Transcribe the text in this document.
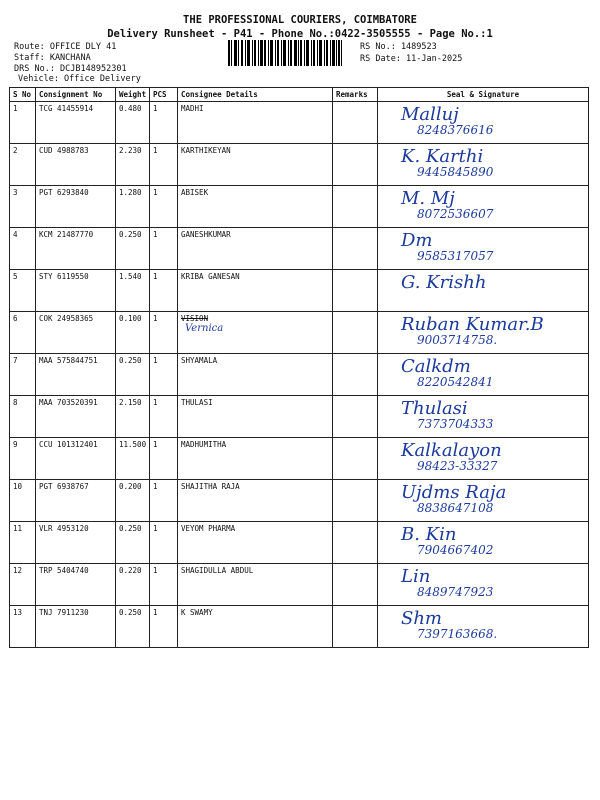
THE PROFESSIONAL COURIERS, COIMBATORE
Delivery Runsheet - P41 - Phone No.:0422-3505555 - Page No.:1
Route: OFFICE DLY 41
Staff: KANCHANA
DRS No.: DCJB148952301
Vehicle: Office Delivery
RS No.: 1489523
RS Date: 11-Jan-2025
S No	Consignment No	Weight	PCS	Consignee Details	Remarks	Seal & Signature
1	TCG 41455914	0.480	1	MADHI		Malluj
8248376616

2	CUD 4988783	2.230	1	KARTHIKEYAN		K. Karthi
9445845890

3	PGT 6293840	1.280	1	ABISEK		M. Mj
8072536607

4	KCM 21487770	0.250	1	GANESHKUMAR		Dm
9585317057

5	STY 6119550	1.540	1	KRIBA GANESAN		G. Krishh

6	COK 24958365	0.100	1	VISION
Vernica		Ruban Kumar.B
9003714758.

7	MAA 575844751	0.250	1	SHYAMALA		Calkdm
8220542841

8	MAA 703520391	2.150	1	THULASI		Thulasi
7373704333

9	CCU 101312401	11.500	1	MADHUMITHA		Kalkalayon
98423-33327

10	PGT 6938767	0.200	1	SHAJITHA RAJA		Ujdms Raja
8838647108

11	VLR 4953120	0.250	1	VEYOM PHARMA		B. Kin
7904667402

12	TRP 5404740	0.220	1	SHAGIDULLA ABDUL		Lin
8489747923

13	TNJ 7911230	0.250	1	K SWAMY		Shm
7397163668.
